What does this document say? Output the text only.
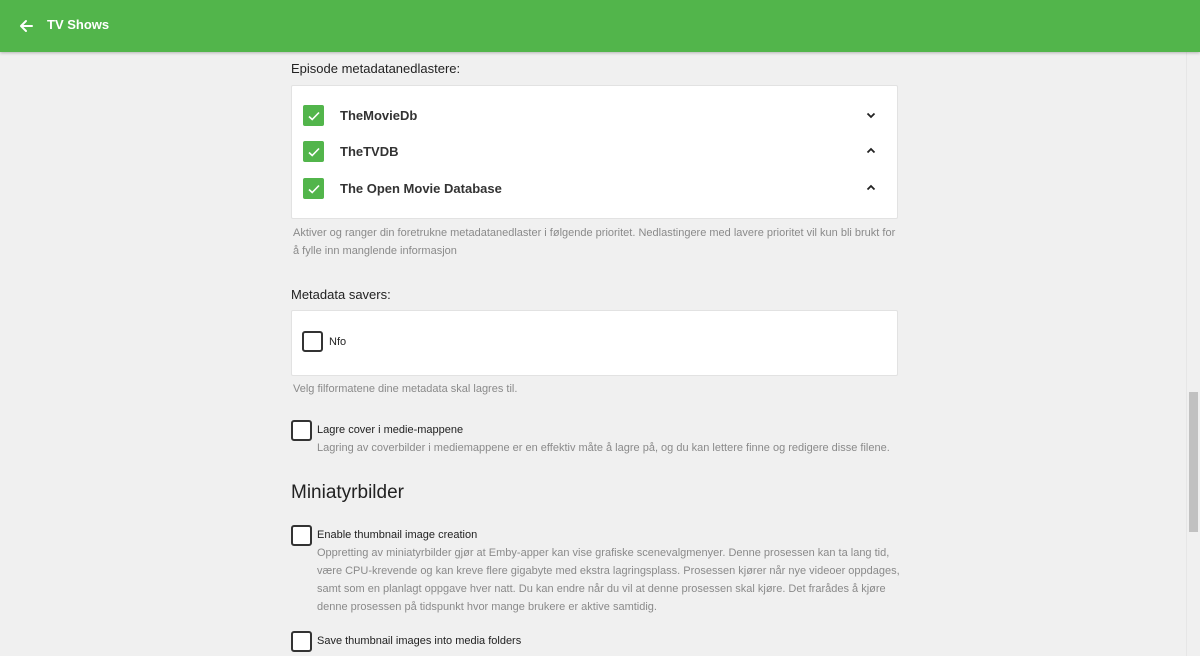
TV Shows
Episode metadatanedlastere:
TheMovieDb
TheTVDB
The Open Movie Database
Aktiver og ranger din foretrukne metadatanedlaster i følgende prioritet. Nedlastingere med lavere prioritet vil kun bli brukt for å fylle inn manglende informasjon
Metadata savers:
Nfo
Velg filformatene dine metadata skal lagres til.
Lagre cover i medie-mappene
Lagring av coverbilder i mediemappene er en effektiv måte å lagre på, og du kan lettere finne og redigere disse filene.
Miniatyrbilder
Enable thumbnail image creation
Oppretting av miniatyrbilder gjør at Emby-apper kan vise grafiske scenevalgmenyer. Denne prosessen kan ta lang tid, være CPU-krevende og kan kreve flere gigabyte med ekstra lagringsplass. Prosessen kjører når nye videoer oppdages, samt som en planlagt oppgave hver natt. Du kan endre når du vil at denne prosessen skal kjøre. Det frarådes å kjøre denne prosessen på tidspunkt hvor mange brukere er aktive samtidig.
Save thumbnail images into media folders
